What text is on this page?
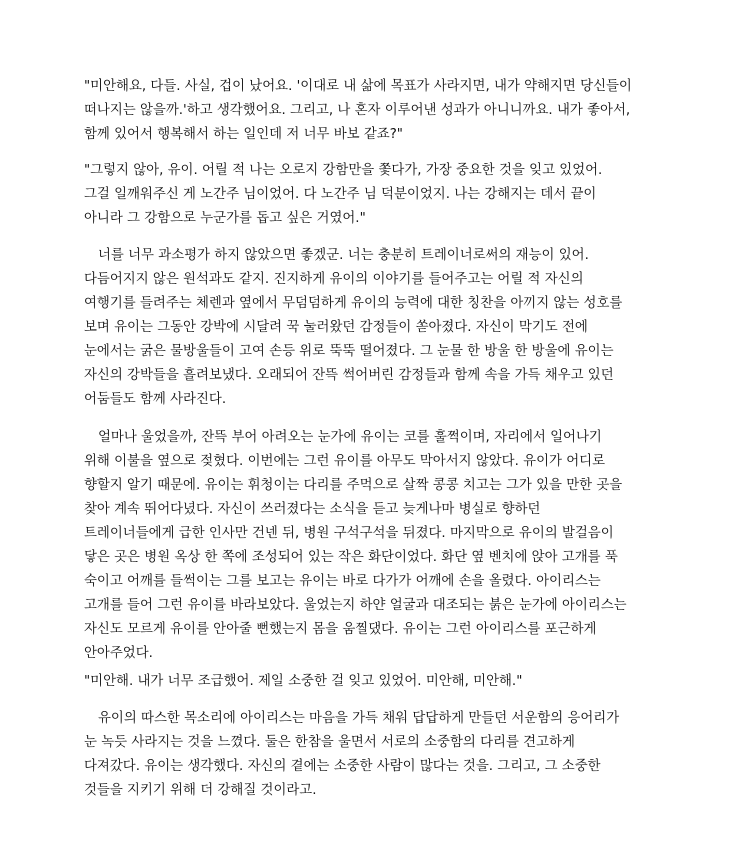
"미안해요, 다들. 사실, 겁이 났어요. '이대로 내 삶에 목표가 사라지면, 내가 약해지면 당신들이
떠나지는 않을까.'하고 생각했어요. 그리고, 나 혼자 이루어낸 성과가 아니니까요. 내가 좋아서,
함께 있어서 행복해서 하는 일인데 저 너무 바보 같죠?"
"그렇지 않아, 유이. 어릴 적 나는 오로지 강함만을 쫓다가, 가장 중요한 것을 잊고 있었어.
그걸 일깨워주신 게 노간주 님이었어. 다 노간주 님 덕분이었지. 나는 강해지는 데서 끝이
아니라 그 강함으로 누군가를 돕고 싶은 거였어."
너를 너무 과소평가 하지 않았으면 좋겠군. 너는 충분히 트레이너로써의 재능이 있어.
다듬어지지 않은 원석과도 같지. 진지하게 유이의 이야기를 들어주고는 어릴 적 자신의
여행기를 들려주는 체렌과 옆에서 무덤덤하게 유이의 능력에 대한 칭찬을 아끼지 않는 성호를
보며 유이는 그동안 강박에 시달려 꾹 눌러왔던 감정들이 쏟아졌다. 자신이 막기도 전에
눈에서는 굵은 물방울들이 고여 손등 위로 뚝뚝 떨어졌다. 그 눈물 한 방울 한 방울에 유이는
자신의 강박들을 흘려보냈다. 오래되어 잔뜩 썩어버린 감정들과 함께 속을 가득 채우고 있던
어둠들도 함께 사라진다.
얼마나 울었을까, 잔뜩 부어 아려오는 눈가에 유이는 코를 훌쩍이며, 자리에서 일어나기
위해 이불을 옆으로 젖혔다. 이번에는 그런 유이를 아무도 막아서지 않았다. 유이가 어디로
향할지 알기 때문에. 유이는 휘청이는 다리를 주먹으로 살짝 콩콩 치고는 그가 있을 만한 곳을
찾아 계속 뛰어다녔다. 자신이 쓰러졌다는 소식을 듣고 늦게나마 병실로 향하던
트레이너들에게 급한 인사만 건넨 뒤, 병원 구석구석을 뒤졌다. 마지막으로 유이의 발걸음이
닿은 곳은 병원 옥상 한 쪽에 조성되어 있는 작은 화단이었다. 화단 옆 벤치에 앉아 고개를 푹
숙이고 어깨를 들썩이는 그를 보고는 유이는 바로 다가가 어깨에 손을 올렸다. 아이리스는
고개를 들어 그런 유이를 바라보았다. 울었는지 하얀 얼굴과 대조되는 붉은 눈가에 아이리스는
자신도 모르게 유이를 안아줄 뻔했는지 몸을 움찔댔다. 유이는 그런 아이리스를 포근하게
안아주었다.
"미안해. 내가 너무 조급했어. 제일 소중한 걸 잊고 있었어. 미안해, 미안해."
유이의 따스한 목소리에 아이리스는 마음을 가득 채워 답답하게 만들던 서운함의 응어리가
눈 녹듯 사라지는 것을 느꼈다. 둘은 한참을 울면서 서로의 소중함의 다리를 견고하게
다져갔다. 유이는 생각했다. 자신의 곁에는 소중한 사람이 많다는 것을. 그리고, 그 소중한
것들을 지키기 위해 더 강해질 것이라고.
